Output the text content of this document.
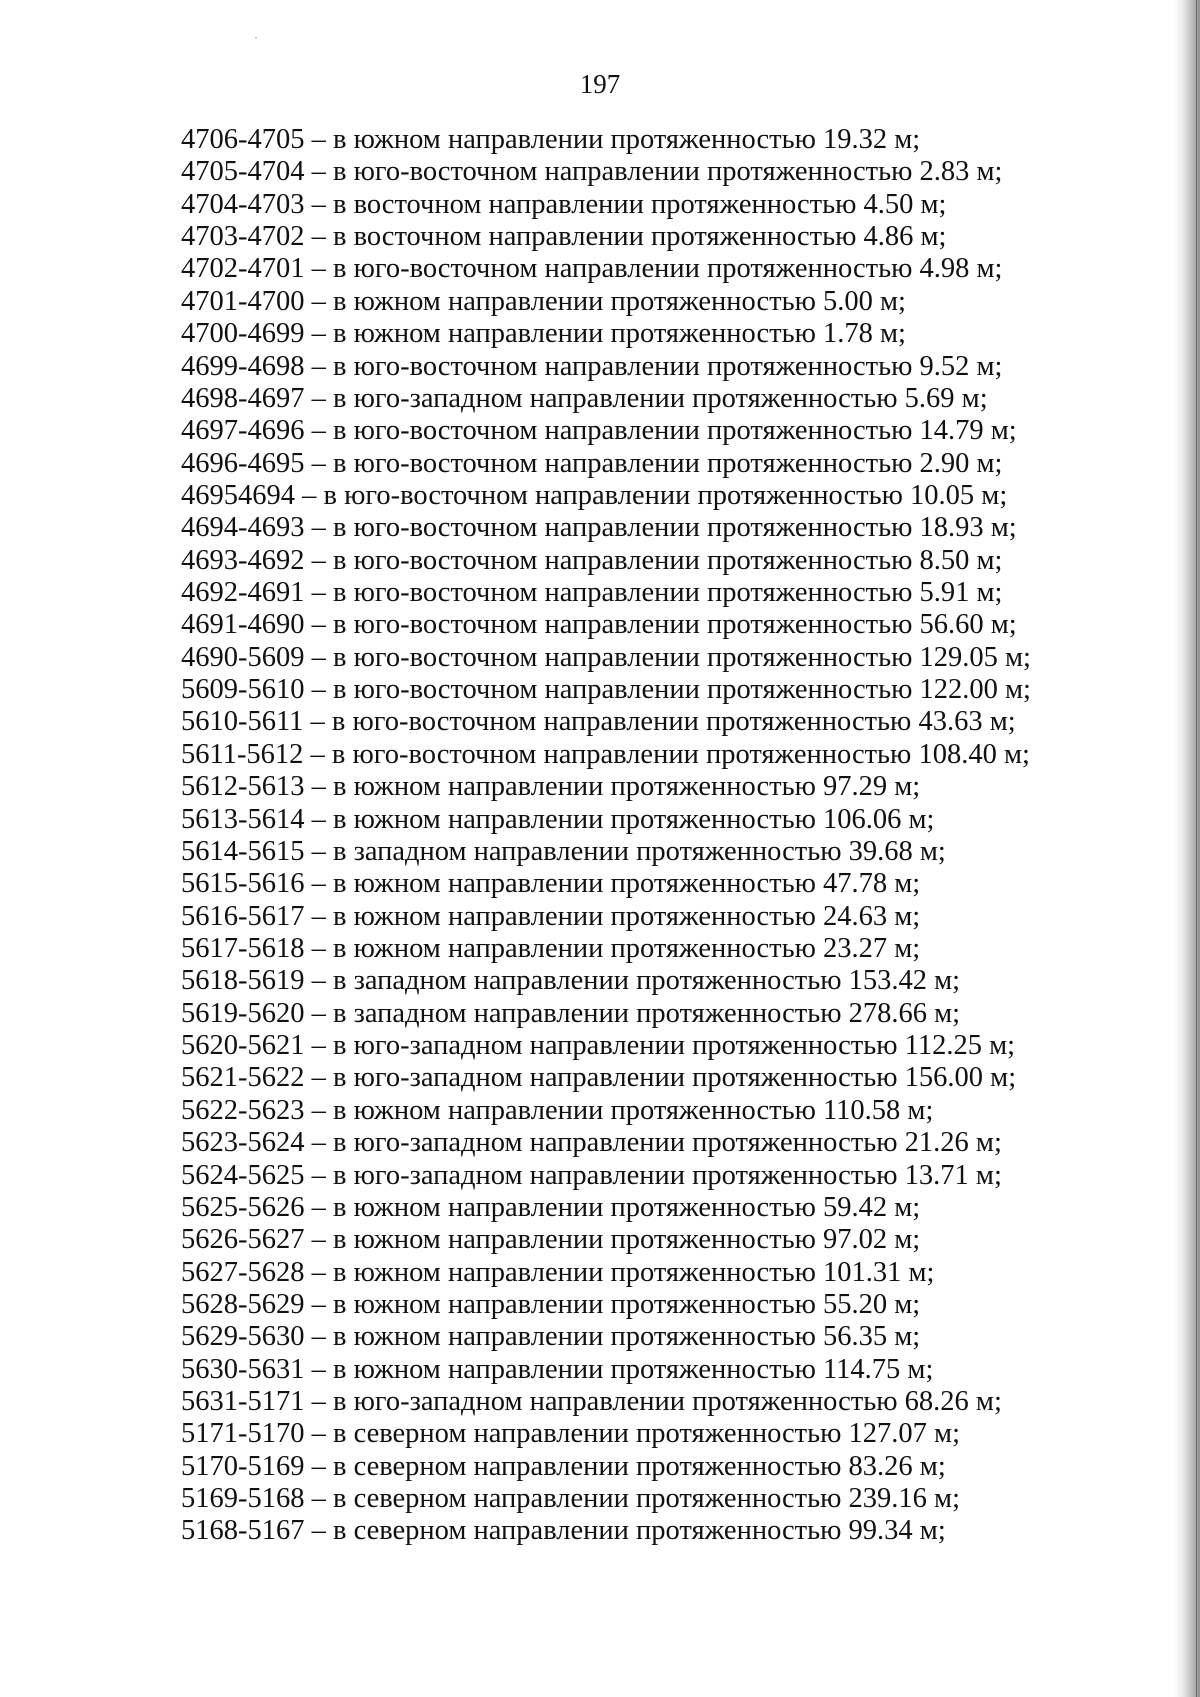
197
4706-4705 – в южном направлении протяженностью 19.32 м;
4705-4704 – в юго-восточном направлении протяженностью 2.83 м;
4704-4703 – в восточном направлении протяженностью 4.50 м;
4703-4702 – в восточном направлении протяженностью 4.86 м;
4702-4701 – в юго-восточном направлении протяженностью 4.98 м;
4701-4700 – в южном направлении протяженностью 5.00 м;
4700-4699 – в южном направлении протяженностью 1.78 м;
4699-4698 – в юго-восточном направлении протяженностью 9.52 м;
4698-4697 – в юго-западном направлении протяженностью 5.69 м;
4697-4696 – в юго-восточном направлении протяженностью 14.79 м;
4696-4695 – в юго-восточном направлении протяженностью 2.90 м;
46954694 – в юго-восточном направлении протяженностью 10.05 м;
4694-4693 – в юго-восточном направлении протяженностью 18.93 м;
4693-4692 – в юго-восточном направлении протяженностью 8.50 м;
4692-4691 – в юго-восточном направлении протяженностью 5.91 м;
4691-4690 – в юго-восточном направлении протяженностью 56.60 м;
4690-5609 – в юго-восточном направлении протяженностью 129.05 м;
5609-5610 – в юго-восточном направлении протяженностью 122.00 м;
5610-5611 – в юго-восточном направлении протяженностью 43.63 м;
5611-5612 – в юго-восточном направлении протяженностью 108.40 м;
5612-5613 – в южном направлении протяженностью 97.29 м;
5613-5614 – в южном направлении протяженностью 106.06 м;
5614-5615 – в западном направлении протяженностью 39.68 м;
5615-5616 – в южном направлении протяженностью 47.78 м;
5616-5617 – в южном направлении протяженностью 24.63 м;
5617-5618 – в южном направлении протяженностью 23.27 м;
5618-5619 – в западном направлении протяженностью 153.42 м;
5619-5620 – в западном направлении протяженностью 278.66 м;
5620-5621 – в юго-западном направлении протяженностью 112.25 м;
5621-5622 – в юго-западном направлении протяженностью 156.00 м;
5622-5623 – в южном направлении протяженностью 110.58 м;
5623-5624 – в юго-западном направлении протяженностью 21.26 м;
5624-5625 – в юго-западном направлении протяженностью 13.71 м;
5625-5626 – в южном направлении протяженностью 59.42 м;
5626-5627 – в южном направлении протяженностью 97.02 м;
5627-5628 – в южном направлении протяженностью 101.31 м;
5628-5629 – в южном направлении протяженностью 55.20 м;
5629-5630 – в южном направлении протяженностью 56.35 м;
5630-5631 – в южном направлении протяженностью 114.75 м;
5631-5171 – в юго-западном направлении протяженностью 68.26 м;
5171-5170 – в северном направлении протяженностью 127.07 м;
5170-5169 – в северном направлении протяженностью 83.26 м;
5169-5168 – в северном направлении протяженностью 239.16 м;
5168-5167 – в северном направлении протяженностью 99.34 м;
